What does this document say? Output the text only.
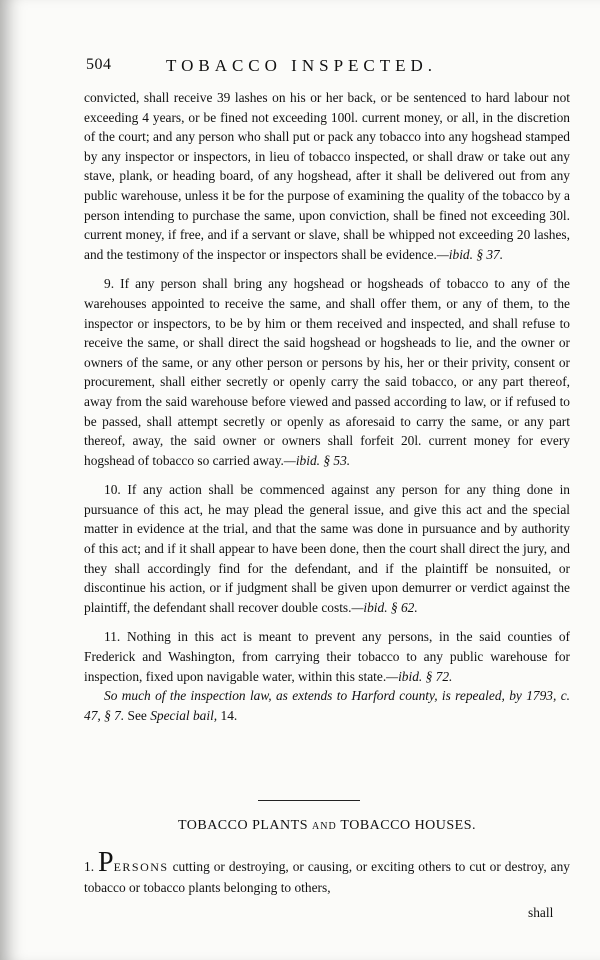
504	TOBACCO INSPECTED.

convicted, shall receive 39 lashes on his or her back, or be sentenced to hard labour not exceeding 4 years, or be fined not exceeding 100l. current money, or all, in the discretion of the court; and any person who shall put or pack any tobacco into any hogshead stamped by any inspector or inspectors, in lieu of tobacco inspected, or shall draw or take out any stave, plank, or heading board, of any hogshead, after it shall be delivered out from any public warehouse, unless it be for the purpose of examining the quality of the tobacco by a person intending to purchase the same, upon conviction, shall be fined not exceeding 30l. current money, if free, and if a servant or slave, shall be whipped not exceeding 20 lashes, and the testimony of the inspector or inspectors shall be evidence.—ibid. § 37.

9. If any person shall bring any hogshead or hogsheads of tobacco to any of the warehouses appointed to receive the same, and shall offer them, or any of them, to the inspector or inspectors, to be by him or them received and inspected, and shall refuse to receive the same, or shall direct the said hogshead or hogsheads to lie, and the owner or owners of the same, or any other person or persons by his, her or their privity, consent or procurement, shall either secretly or openly carry the said tobacco, or any part thereof, away from the said warehouse before viewed and passed according to law, or if refused to be passed, shall attempt secretly or openly as aforesaid to carry the same, or any part thereof, away, the said owner or owners shall forfeit 20l. current money for every hogshead of tobacco so carried away.—ibid. § 53.

10. If any action shall be commenced against any person for any thing done in pursuance of this act, he may plead the general issue, and give this act and the special matter in evidence at the trial, and that the same was done in pursuance and by authority of this act; and if it shall appear to have been done, then the court shall direct the jury, and they shall accordingly find for the defendant, and if the plaintiff be nonsuited, or discontinue his action, or if judgment shall be given upon demurrer or verdict against the plaintiff, the defendant shall recover double costs.—ibid. § 62.

11. Nothing in this act is meant to prevent any persons, in the said counties of Frederick and Washington, from carrying their tobacco to any public warehouse for inspection, fixed upon navigable water, within this state.—ibid. § 72.

So much of the inspection law, as extends to Harford county, is repealed, by 1793, c. 47, § 7. See Special bail, 14.

TOBACCO PLANTS AND TOBACCO HOUSES.

1. PERSONS cutting or destroying, or causing, or exciting others to cut or destroy, any tobacco or tobacco plants belonging to others,

shall
